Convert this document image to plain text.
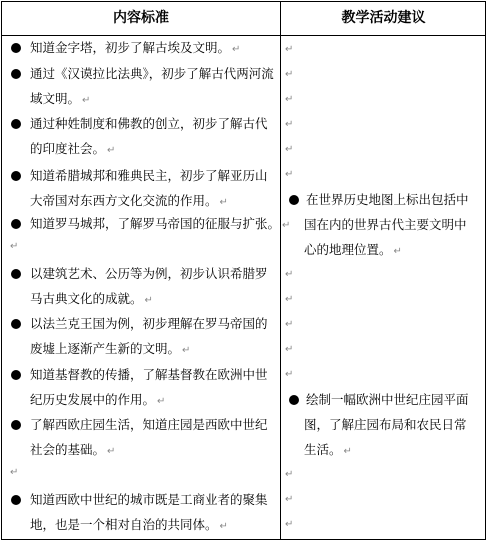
内容标准	教学活动建议
知道金字塔，初步了解古埃及文明。 ↵
通过《汉谟拉比法典》，初步了解古代两河流
域文明。 ↵
通过种姓制度和佛教的创立，初步了解古代
的印度社会。 ↵
知道希腊城邦和雅典民主，初步了解亚历山
大帝国对东西方文化交流的作用。 ↵
知道罗马城邦，了解罗马帝国的征服与扩张。 ↵
以建筑艺术、公历等为例，初步认识希腊罗
马古典文化的成就。 ↵
以法兰克王国为例，初步理解在罗马帝国的
废墟上逐渐产生新的文明。 ↵
知道基督教的传播，了解基督教在欧洲中世
纪历史发展中的作用。 ↵
了解西欧庄园生活，知道庄园是西欧中世纪
社会的基础。 ↵
知道西欧中世纪的城市既是工商业者的聚集
地，也是一个相对自治的共同体。 ↵
↵
↵
在世界历史地图上标出包括中
国在内的世界古代主要文明中
心的地理位置。 ↵
绘制一幅欧洲中世纪庄园平面
图，了解庄园布局和农民日常
生活。 ↵
↵
↵
↵
↵
↵
↵
↵
↵
↵
↵
↵
↵
↵
↵
